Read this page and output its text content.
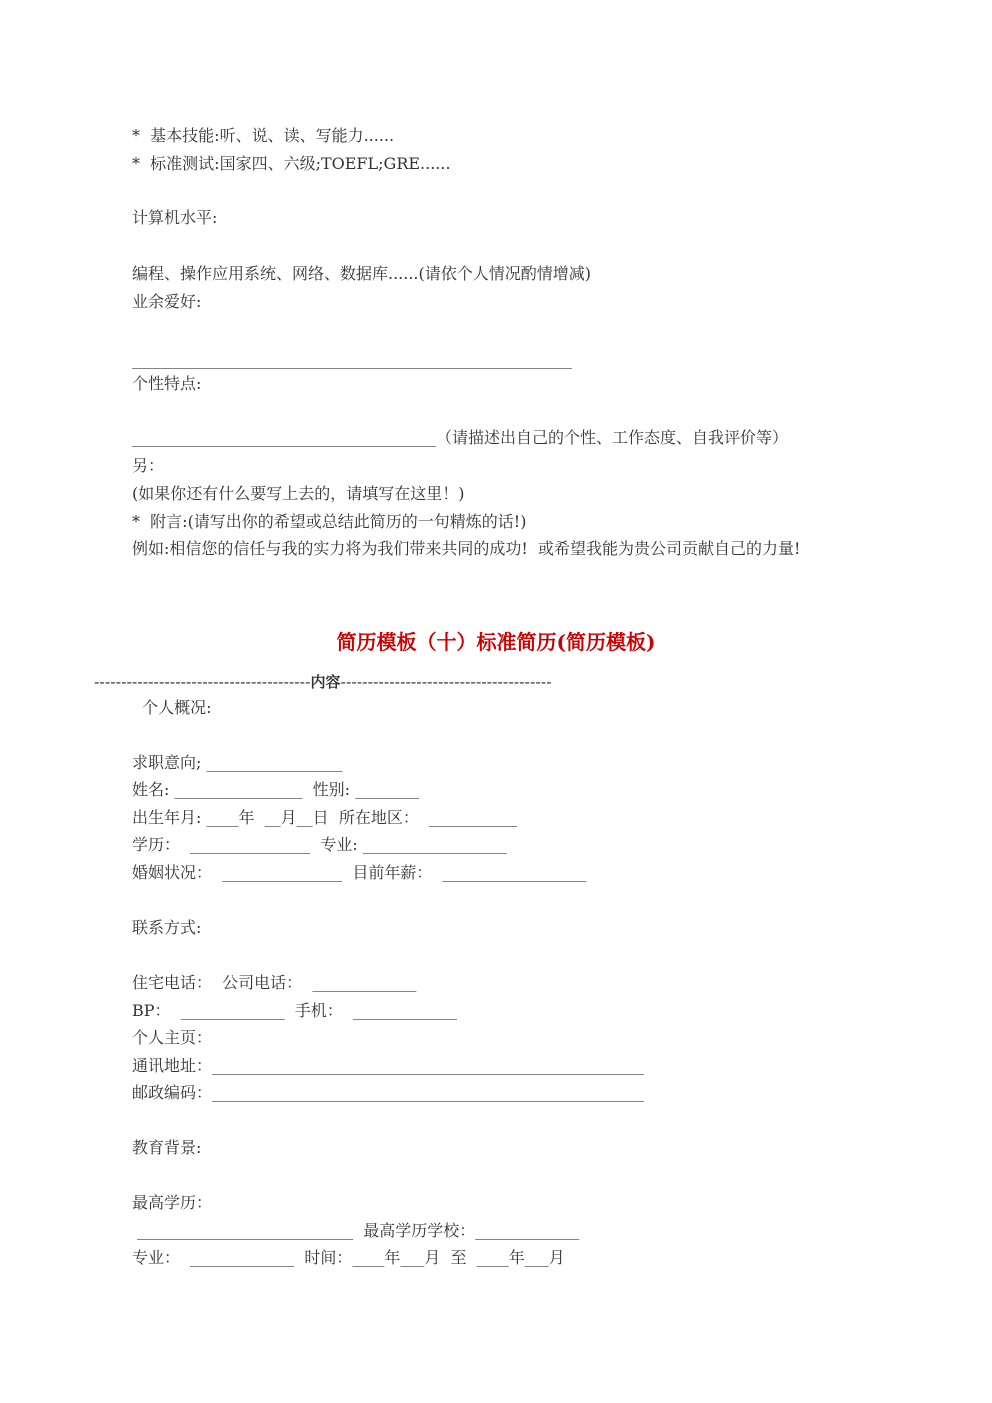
*  基本技能:听、说、读、写能力......
*  标准测试:国家四、六级;TOEFL;GRE......
计算机水平:
编程、操作应用系统、网络、数据库......(请依个人情况酌情增减)
业余爱好:
_______________________________________________________
个性特点:
______________________________________（请描述出自己的个性、工作态度、自我评价等）
另：
(如果你还有什么要写上去的，请填写在这里！)
*  附言:(请写出你的希望或总结此简历的一句精炼的话!)
例如:相信您的信任与我的实力将为我们带来共同的成功!  或希望我能为贵公司贡献自己的力量!
简历模板（十）标准简历(简历模板)
----------------------------------------内容---------------------------------------
个人概况:
求职意向; _________________
姓名: ________________  性别: ________
出生年月: ____年  __月__日  所在地区：  ___________
学历：  _______________  专业: __________________
婚姻状况：  _______________  目前年薪：  __________________
联系方式:
住宅电话：  公司电话：  _____________
BP：  _____________  手机：  _____________
个人主页：
通讯地址：______________________________________________________
邮政编码：______________________________________________________
教育背景:
最高学历：
___________________________  最高学历学校：_____________
专业：  _____________  时间：____年___月  至  ____年___月
